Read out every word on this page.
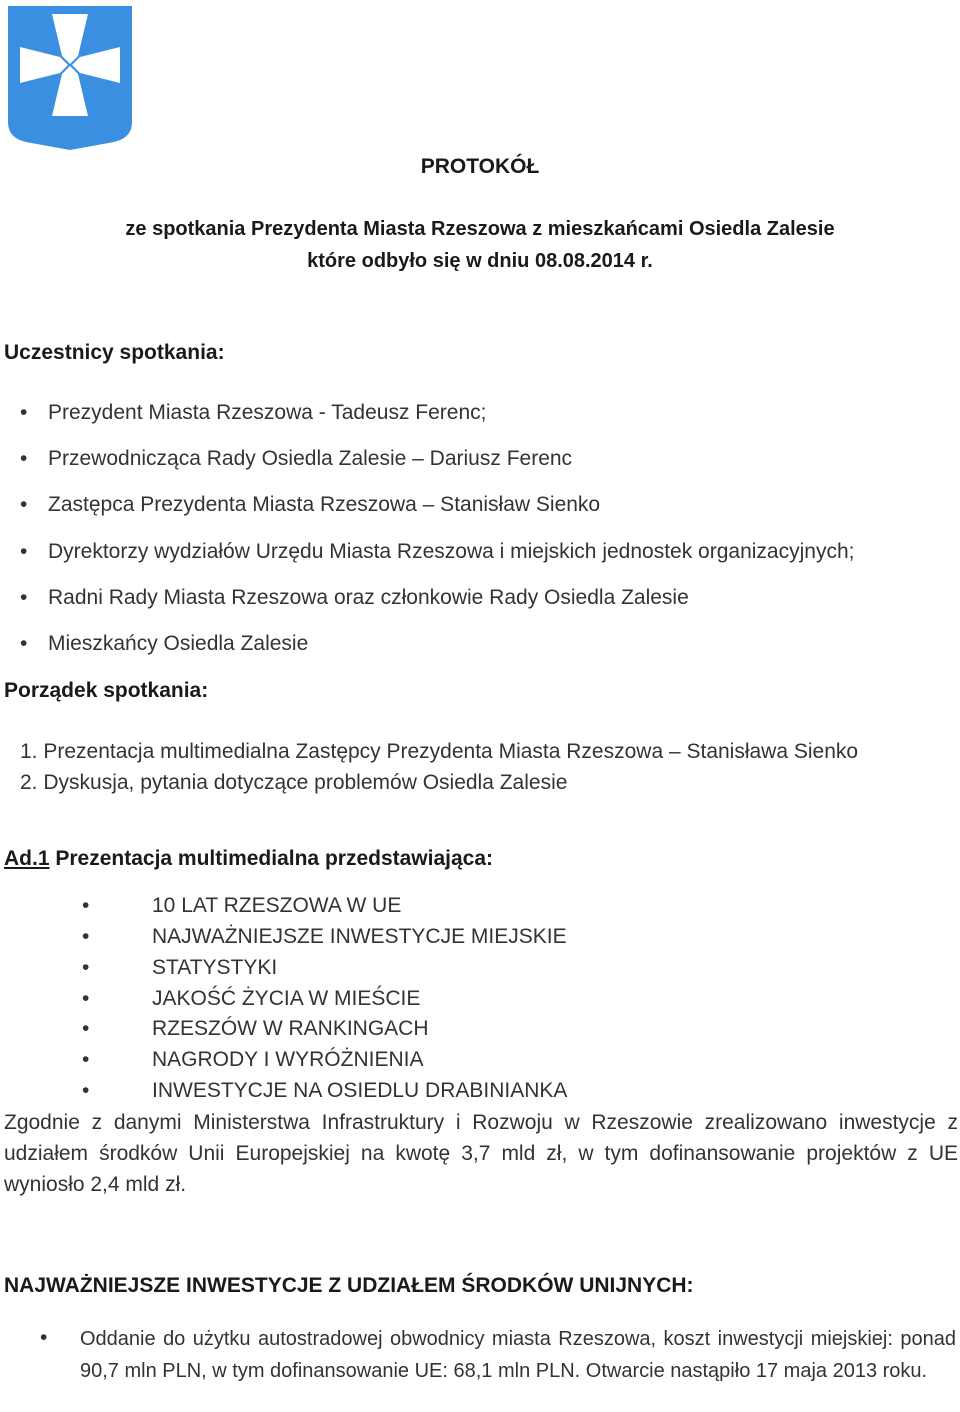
PROTOKÓŁ
ze spotkania Prezydenta Miasta Rzeszowa z mieszkańcami Osiedla Zalesie
które odbyło się w dniu 08.08.2014 r.
Uczestnicy spotkania:
• Prezydent Miasta Rzeszowa - Tadeusz Ferenc;
• Przewodnicząca Rady Osiedla Zalesie – Dariusz Ferenc
• Zastępca Prezydenta Miasta Rzeszowa – Stanisław Sienko
• Dyrektorzy wydziałów Urzędu Miasta Rzeszowa i miejskich jednostek organizacyjnych;
• Radni Rady Miasta Rzeszowa oraz członkowie Rady Osiedla Zalesie
• Mieszkańcy Osiedla Zalesie
Porządek spotkania:
1. Prezentacja multimedialna Zastępcy Prezydenta Miasta Rzeszowa – Stanisława Sienko
2. Dyskusja, pytania dotyczące problemów Osiedla Zalesie
Ad.1 Prezentacja multimedialna przedstawiająca:
•	10 LAT RZESZOWA W UE
•	NAJWAŻNIEJSZE INWESTYCJE MIEJSKIE
•	STATYSTYKI
•	JAKOŚĆ ŻYCIA W MIEŚCIE
•	RZESZÓW W RANKINGACH
•	NAGRODY I WYRÓŻNIENIA
•	INWESTYCJE NA OSIEDLU DRABINIANKA
Zgodnie z danymi Ministerstwa Infrastruktury i Rozwoju w Rzeszowie zrealizowano inwestycje z udziałem środków Unii Europejskiej na kwotę 3,7 mld zł, w tym dofinansowanie projektów z UE wyniosło 2,4 mld zł.
NAJWAŻNIEJSZE INWESTYCJE Z UDZIAŁEM ŚRODKÓW UNIJNYCH:
• Oddanie do użytku autostradowej obwodnicy miasta Rzeszowa, koszt inwestycji miejskiej: ponad 90,7 mln PLN, w tym dofinansowanie UE: 68,1 mln PLN. Otwarcie nastąpiło 17 maja 2013 roku.
